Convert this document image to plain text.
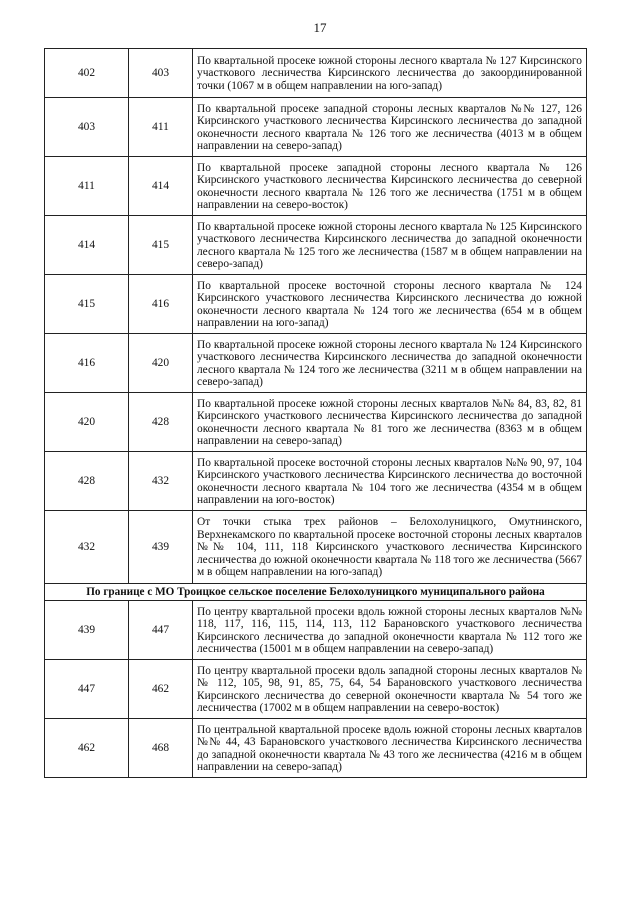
17
402	403	По квартальной просеке южной стороны лесного квартала № 127 Кирсинского участкового лесничества Кирсинского лесничества до закоординированной точки (1067 м в общем направлении на юго-запад)
403	411	По квартальной просеке западной стороны лесных кварталов №№ 127, 126 Кирсинского участкового лесничества Кирсинского лесничества до западной оконечности лесного квартала № 126 того же лесничества (4013 м в общем направлении на северо-запад)
411	414	По квартальной просеке западной стороны лесного квартала № 126 Кирсинского участкового лесничества Кирсинского лесничества до северной оконечности лесного квартала № 126 того же лесничества (1751 м в общем направлении на северо-восток)
414	415	По квартальной просеке южной стороны лесного квартала № 125 Кирсинского участкового лесничества Кирсинского лесничества до западной оконечности лесного квартала № 125 того же лесничества (1587 м в общем направлении на северо-запад)
415	416	По квартальной просеке восточной стороны лесного квартала № 124 Кирсинского участкового лесничества Кирсинского лесничества до южной оконечности лесного квартала № 124 того же лесничества (654 м в общем направлении на юго-запад)
416	420	По квартальной просеке южной стороны лесного квартала № 124 Кирсинского участкового лесничества Кирсинского лесничества до западной оконечности лесного квартала № 124 того же лесничества (3211 м в общем направлении на северо-запад)
420	428	По квартальной просеке южной стороны лесных кварталов №№ 84, 83, 82, 81 Кирсинского участкового лесничества Кирсинского лесничества до западной оконечности лесного квартала № 81 того же лесничества (8363 м в общем направлении на северо-запад)
428	432	По квартальной просеке восточной стороны лесных кварталов №№ 90, 97, 104 Кирсинского участкового лесничества Кирсинского лесничества до восточной оконечности лесного квартала № 104 того же лесничества (4354 м в общем направлении на юго-восток)
432	439	От точки стыка трех районов – Белохолуницкого, Омутнинского, Верхнекамского по квартальной просеке восточной стороны лесных кварталов №№ 104, 111, 118 Кирсинского участкового лесничества Кирсинского лесничества до южной оконечности квартала № 118 того же лесничества (5667 м в общем направлении на юго-запад)
По границе с МО Троицкое сельское поселение Белохолуницкого муниципального района		
439	447	По центру квартальной просеки вдоль южной стороны лесных кварталов №№ 118, 117, 116, 115, 114, 113, 112 Барановского участкового лесничества Кирсинского лесничества до западной оконечности квартала № 112 того же лесничества (15001 м в общем направлении на северо-запад)
447	462	По центру квартальной просеки вдоль западной стороны лесных кварталов №№ 112, 105, 98, 91, 85, 75, 64, 54 Барановского участкового лесничества Кирсинского лесничества до северной оконечности квартала № 54 того же лесничества (17002 м в общем направлении на северо-восток)
462	468	По центральной квартальной просеке вдоль южной стороны лесных кварталов №№ 44, 43 Барановского участкового лесничества Кирсинского лесничества до западной оконечности квартала № 43 того же лесничества (4216 м в общем направлении на северо-запад)
